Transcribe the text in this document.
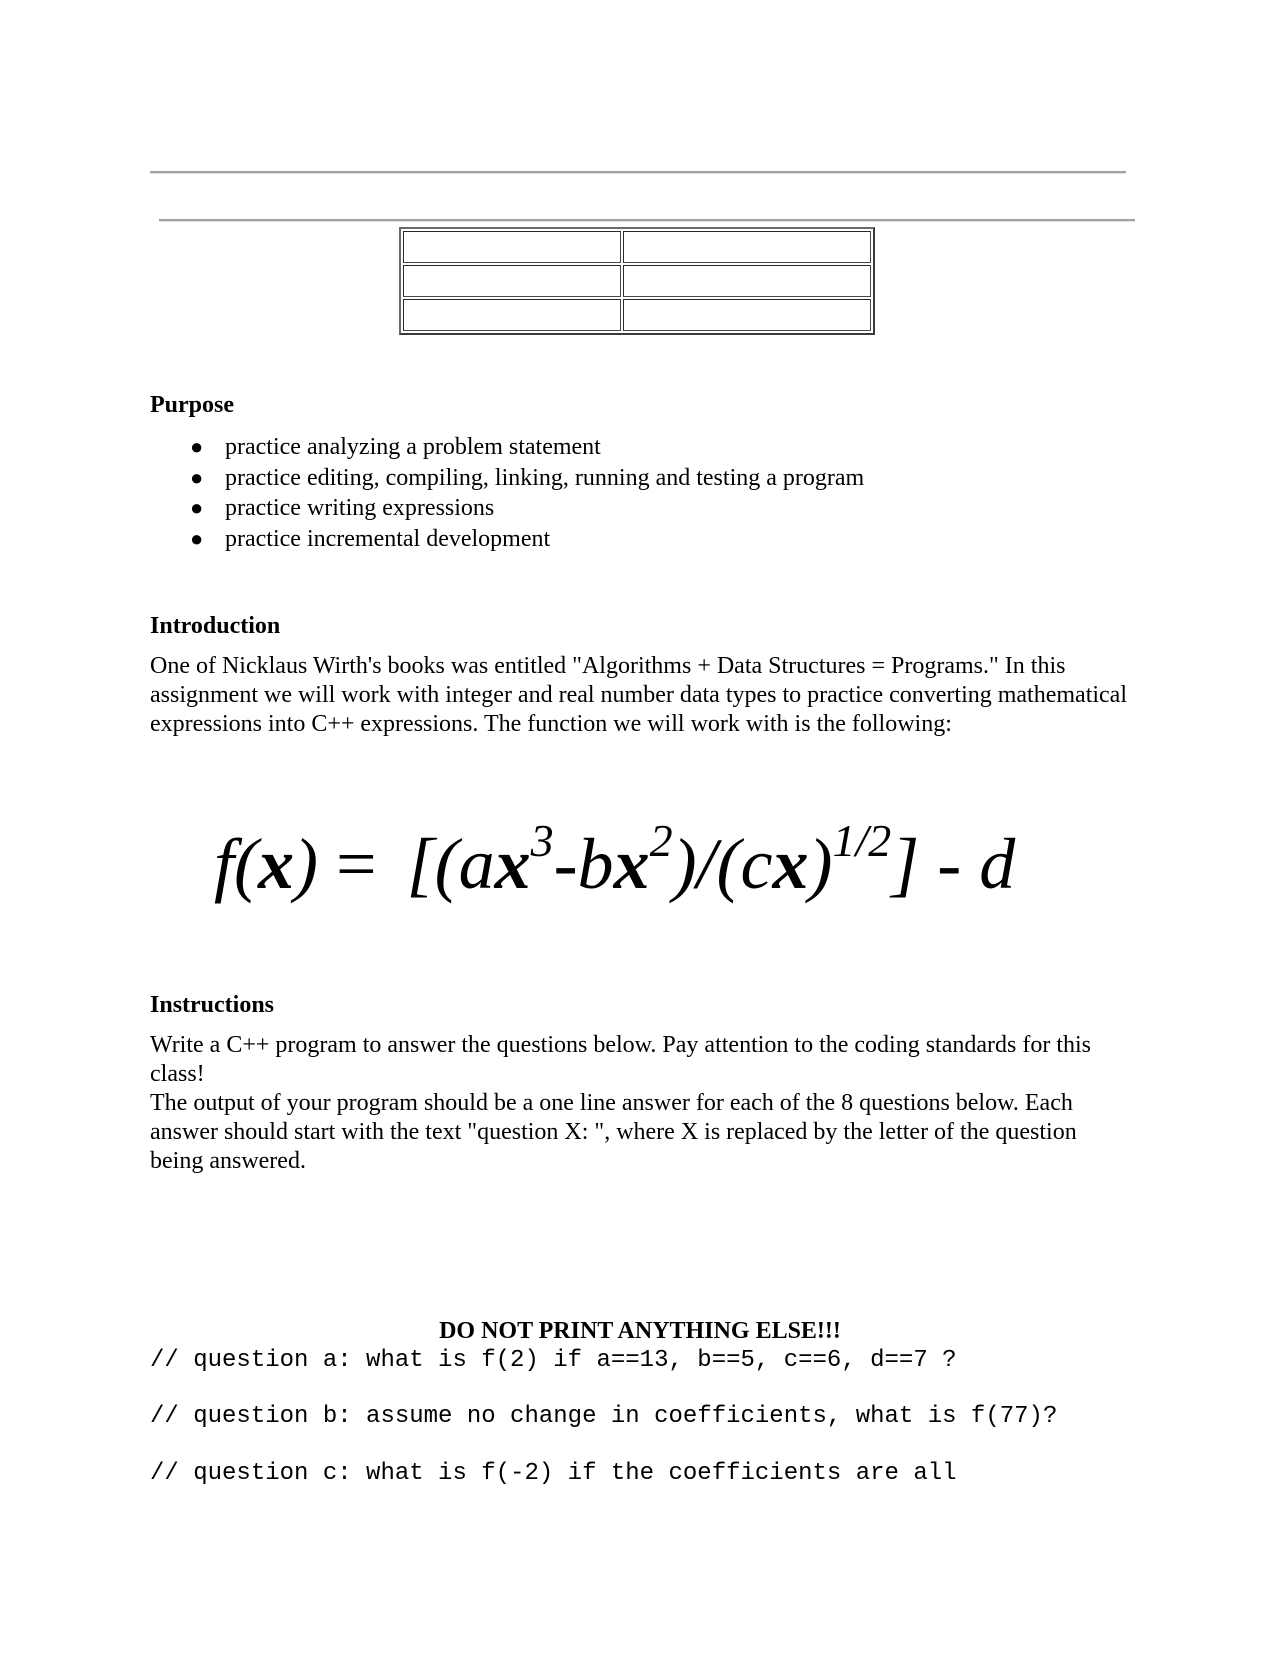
Purpose
● practice analyzing a problem statement
● practice editing, compiling, linking, running and testing a program
● practice writing expressions
● practice incremental development
Introduction

One of Nicklaus Wirth's books was entitled "Algorithms + Data Structures = Programs." In this assignment we will work with integer and real number data types to practice converting mathematical expressions into C++ expressions. The function we will work with is the following:

$f(x) = [(ax^3-bx^2)/(cx)^{1/2}] - d$
Instructions

Write a C++ program to answer the questions below. Pay attention to the coding standards for this class!

The output of your program should be a one line answer for each of the 8 questions below. Each answer should start with the text "question X: ", where X is replaced by the letter of the question being answered.

DO NOT PRINT ANYTHING ELSE!!!
// question a: what is f(2) if a==13, b==5, c==6, d==7 ?
// question b: assume no change in coefficients, what is f(77)?
// question c: what is f(-2) if the coefficients are all
